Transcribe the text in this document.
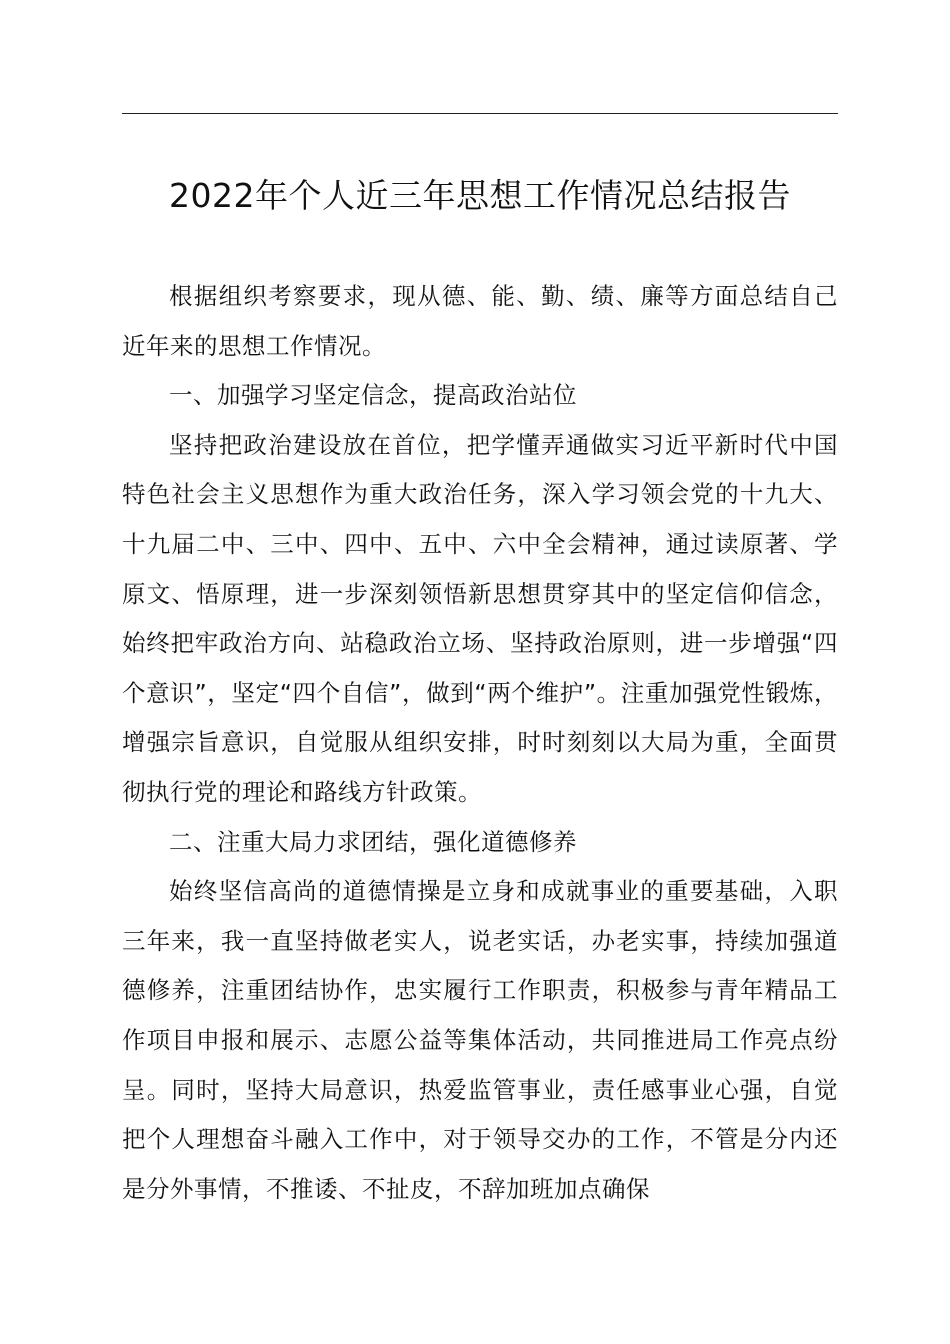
2022年个人近三年思想工作情况总结报告

根据组织考察要求，现从德、能、勤、绩、廉等方面总结自己近年来的思想工作情况。

一、加强学习坚定信念，提高政治站位

坚持把政治建设放在首位，把学懂弄通做实习近平新时代中国特色社会主义思想作为重大政治任务，深入学习领会党的十九大、十九届二中、三中、四中、五中、六中全会精神，通过读原著、学原文、悟原理，进一步深刻领悟新思想贯穿其中的坚定信仰信念，始终把牢政治方向、站稳政治立场、坚持政治原则，进一步增强“四个意识”，坚定“四个自信”，做到“两个维护”。注重加强党性锻炼，增强宗旨意识，自觉服从组织安排，时时刻刻以大局为重，全面贯彻执行党的理论和路线方针政策。

二、注重大局力求团结，强化道德修养

始终坚信高尚的道德情操是立身和成就事业的重要基础，入职三年来，我一直坚持做老实人，说老实话，办老实事，持续加强道德修养，注重团结协作，忠实履行工作职责，积极参与青年精品工作项目申报和展示、志愿公益等集体活动，共同推进局工作亮点纷呈。同时，坚持大局意识，热爱监管事业，责任感事业心强，自觉把个人理想奋斗融入工作中，对于领导交办的工作，不管是分内还是分外事情，不推诿、不扯皮，不辞加班加点确保
